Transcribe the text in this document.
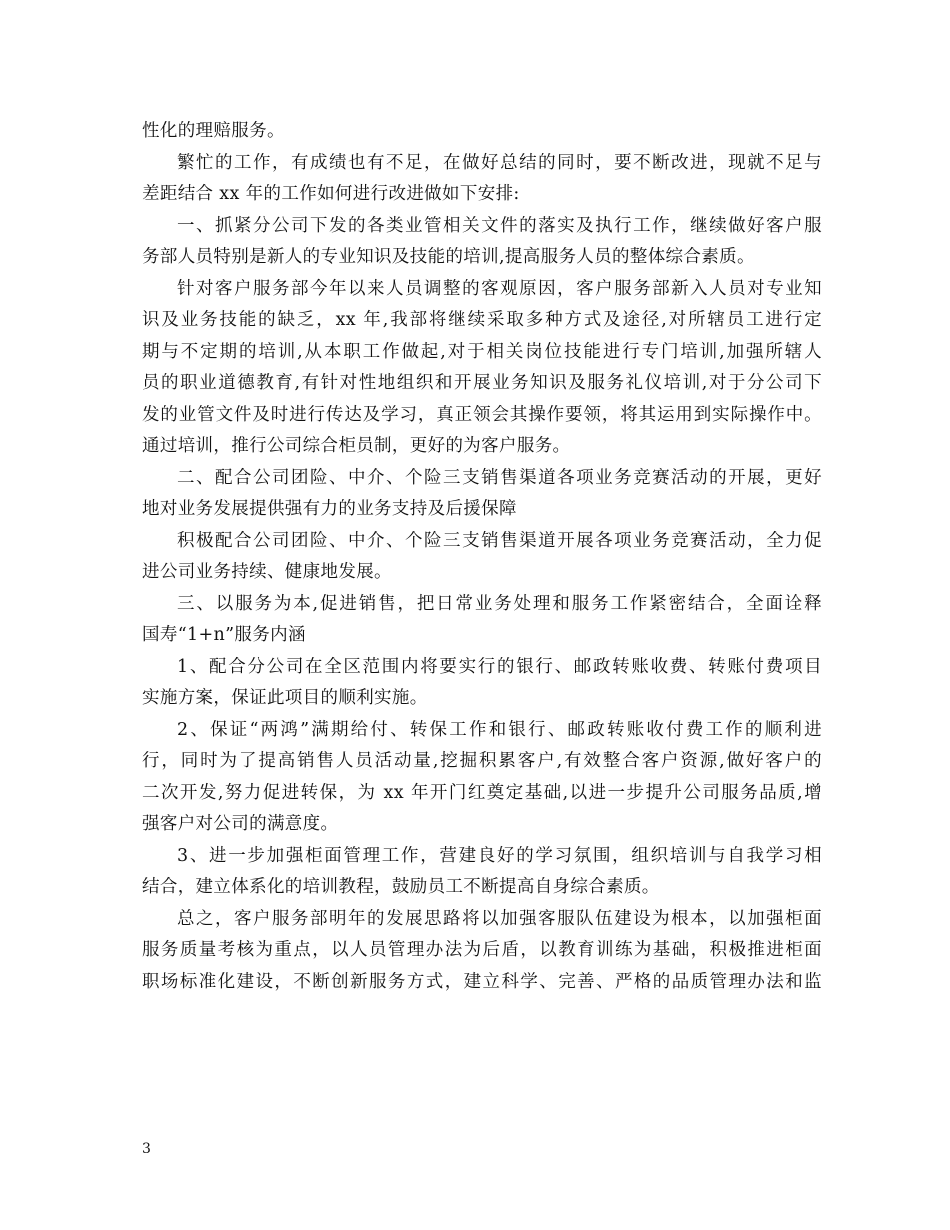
性化的理赔服务。

繁忙的工作，有成绩也有不足，在做好总结的同时，要不断改进，现就不足与

差距结合 xx 年的工作如何进行改进做如下安排:

一、抓紧分公司下发的各类业管相关文件的落实及执行工作，继续做好客户服

务部人员特别是新人的专业知识及技能的培训,提高服务人员的整体综合素质。

针对客户服务部今年以来人员调整的客观原因，客户服务部新入人员对专业知

识及业务技能的缺乏，xx 年,我部将继续采取多种方式及途径,对所辖员工进行定

期与不定期的培训,从本职工作做起,对于相关岗位技能进行专门培训,加强所辖人

员的职业道德教育,有针对性地组织和开展业务知识及服务礼仪培训,对于分公司下

发的业管文件及时进行传达及学习，真正领会其操作要领，将其运用到实际操作中。

通过培训，推行公司综合柜员制，更好的为客户服务。

二、配合公司团险、中介、个险三支销售渠道各项业务竞赛活动的开展，更好

地对业务发展提供强有力的业务支持及后援保障

积极配合公司团险、中介、个险三支销售渠道开展各项业务竞赛活动，全力促

进公司业务持续、健康地发展。

三、以服务为本,促进销售，把日常业务处理和服务工作紧密结合，全面诠释

国寿“1+n”服务内涵

1、配合分公司在全区范围内将要实行的银行、邮政转账收费、转账付费项目

实施方案，保证此项目的顺利实施。

2、保证“两鸿”满期给付、转保工作和银行、邮政转账收付费工作的顺利进

行，同时为了提高销售人员活动量,挖掘积累客户,有效整合客户资源,做好客户的

二次开发,努力促进转保，为 xx 年开门红奠定基础,以进一步提升公司服务品质,增

强客户对公司的满意度。

3、进一步加强柜面管理工作，营建良好的学习氛围，组织培训与自我学习相

结合，建立体系化的培训教程，鼓励员工不断提高自身综合素质。

总之，客户服务部明年的发展思路将以加强客服队伍建设为根本，以加强柜面

服务质量考核为重点，以人员管理办法为后盾，以教育训练为基础，积极推进柜面

职场标准化建设，不断创新服务方式，建立科学、完善、严格的品质管理办法和监

3
